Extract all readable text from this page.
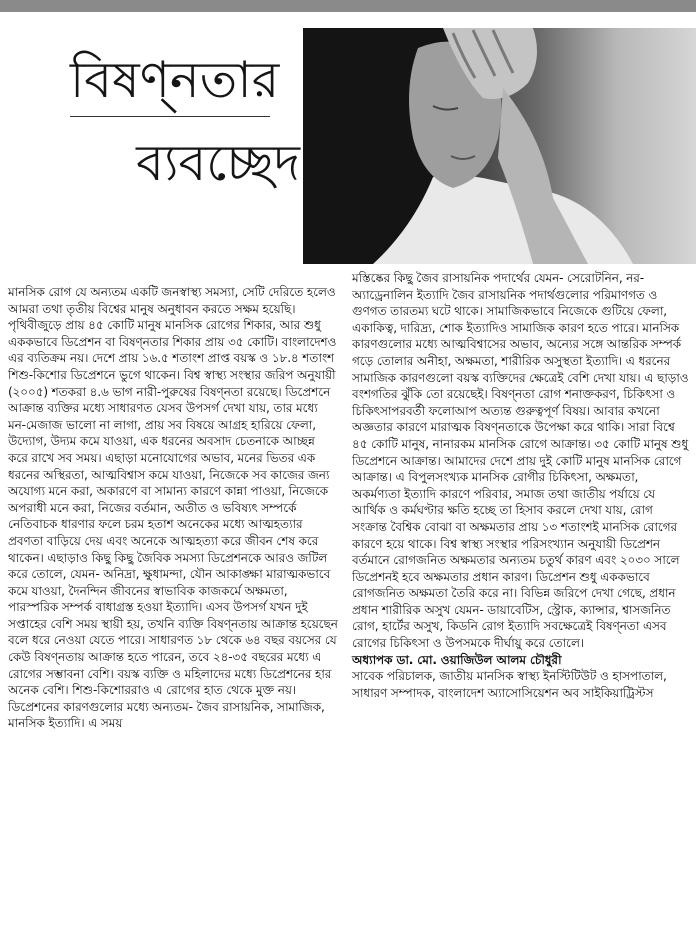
বিষণ্নতার
ব্যবচ্ছেদ

মানসিক রোগ যে অন্যতম একটি জনস্বাস্থ্য সমস্যা, সেটি দেরিতে হলেও আমরা তথা তৃতীয় বিশ্বের মানুষ অনুধাবন করতে সক্ষম হয়েছি। পৃথিবীজুড়ে প্রায় ৪৫ কোটি মানুষ মানসিক রোগের শিকার, আর শুধু এককভাবে ডিপ্রেশন বা বিষণ্নতার শিকার প্রায় ৩৫ কোটি। বাংলাদেশও এর ব্যতিক্রম নয়। দেশে প্রায় ১৬.৫ শতাংশ প্রাপ্ত বয়স্ক ও ১৮.৪ শতাংশ শিশু-কিশোর ডিপ্রেশনে ভুগে থাকেন। বিশ্ব স্বাস্থ্য সংস্থার জরিপ অনুযায়ী (২০০৫) শতকরা ৪.৬ ভাগ নারী-পুরুষের বিষণ্নতা রয়েছে। ডিপ্রেশনে আক্রান্ত ব্যক্তির মধ্যে সাধারণত যেসব উপসর্গ দেখা যায়, তার মধ্যে মন-মেজাজ ভালো না লাগা, প্রায় সব বিষয়ে আগ্রহ হারিয়ে ফেলা, উদ্যোগ, উদ্যম কমে যাওয়া, এক ধরনের অবসাদ চেতনাকে আচ্ছন্ন করে রাখে সব সময়। এছাড়া মনোযোগের অভাব, মনের ভিতর এক ধরনের অস্থিরতা, আত্মবিশ্বাস কমে যাওয়া, নিজেকে সব কাজের জন্য অযোগ্য মনে করা, অকারণে বা সামান্য কারণে কান্না পাওয়া, নিজেকে অপরাধী মনে করা, নিজের বর্তমান, অতীত ও ভবিষ্যৎ সম্পর্কে নেতিবাচক ধারণার ফলে চরম হতাশ অনেকের মধ্যে আত্মহত্যার প্রবণতা বাড়িয়ে দেয় এবং অনেকে আত্মহত্যা করে জীবন শেষ করে থাকেন। এছাড়াও কিছু কিছু জৈবিক সমস্যা ডিপ্রেশনকে আরও জটিল করে তোলে, যেমন- অনিদ্রা, ক্ষুধামন্দা, যৌন আকাঙ্ক্ষা মারাত্মকভাবে কমে যাওয়া, দৈনন্দিন জীবনের স্বাভাবিক কাজকর্মে অক্ষমতা, পারস্পরিক সম্পর্ক বাধাগ্রস্ত হওয়া ইত্যাদি। এসব উপসর্গ যখন দুই সপ্তাহের বেশি সময় স্থায়ী হয়, তখনি ব্যক্তি বিষণ্নতায় আক্রান্ত হয়েছেন বলে ধরে নেওয়া যেতে পারে। সাধারণত ১৮ থেকে ৬৪ বছর বয়সের যে কেউ বিষণ্নতায় আক্রান্ত হতে পারেন, তবে ২৪-৩৫ বছরের মধ্যে এ রোগের সম্ভাবনা বেশি। বয়স্ক ব্যক্তি ও মহিলাদের মধ্যে ডিপ্রেশনের হার অনেক বেশি। শিশু-কিশোররাও এ রোগের হাত থেকে মুক্ত নয়। ডিপ্রেশনের কারণগুলোর মধ্যে অন্যতম- জৈব রাসায়নিক, সামাজিক, মানসিক ইত্যাদি। এ সময়

মস্তিষ্কের কিছু জৈব রাসায়নিক পদার্থের যেমন- সেরোটনিন, নর-অ্যাড্রেনালিন ইত্যাদি জৈব রাসায়নিক পদার্থগুলোর পরিমাণগত ও গুণগত তারতম্য ঘটে থাকে। সামাজিকভাবে নিজেকে গুটিয়ে ফেলা, একাকিত্ব, দারিদ্র্য, শোক ইত্যাদিও সামাজিক কারণ হতে পারে। মানসিক কারণগুলোর মধ্যে আত্মবিশ্বাসের অভাব, অন্যের সঙ্গে আন্তরিক সম্পর্ক গড়ে তোলার অনীহা, অক্ষমতা, শারীরিক অসুস্থতা ইত্যাদি। এ ধরনের সামাজিক কারণগুলো বয়স্ক ব্যক্তিদের ক্ষেত্রেই বেশি দেখা যায়। এ ছাড়াও বংশগতির ঝুঁকি তো রয়েছেই। বিষণ্নতা রোগ শনাক্তকরণ, চিকিৎসা ও চিকিৎসাপরবর্তী ফলোআপ অত্যন্ত গুরুত্বপূর্ণ বিষয়। আবার কখনো অজ্ঞতার কারণে মারাত্মক বিষণ্নতাকে উপেক্ষা করে থাকি। সারা বিশ্বে ৪৫ কোটি মানুষ, নানারকম মানসিক রোগে আক্রান্ত। ৩৫ কোটি মানুষ শুধু ডিপ্রেশনে আক্রান্ত। আমাদের দেশে প্রায় দুই কোটি মানুষ মানসিক রোগে আক্রান্ত। এ বিপুলসংখ্যক মানসিক রোগীর চিকিৎসা, অক্ষমতা, অকর্মণ্যতা ইত্যাদি কারণে পরিবার, সমাজ তথা জাতীয় পর্যায়ে যে আর্থিক ও কর্মঘণ্টার ক্ষতি হচ্ছে তা হিসাব করলে দেখা যায়, রোগ সংক্রান্ত বৈশ্বিক বোঝা বা অক্ষমতার প্রায় ১৩ শতাংশই মানসিক রোগের কারণে হয়ে থাকে। বিশ্ব স্বাস্থ্য সংস্থার পরিসংখ্যান অনুযায়ী ডিপ্রেশন বর্তমানে রোগজনিত অক্ষমতার অন্যতম চতুর্থ কারণ এবং ২০৩০ সালে ডিপ্রেশনই হবে অক্ষমতার প্রধান কারণ। ডিপ্রেশন শুধু এককভাবে রোগজনিত অক্ষমতা তৈরি করে না। বিভিন্ন জরিপে দেখা গেছে, প্রধান প্রধান শারীরিক অসুখ যেমন- ডায়াবেটিস, স্ট্রোক, ক্যান্সার, শ্বাসজনিত রোগ, হার্টের অসুখ, কিডনি রোগ ইত্যাদি সবক্ষেত্রেই বিষণ্নতা এসব রোগের চিকিৎসা ও উপসমকে দীর্ঘায়ু করে তোলে।

অধ্যাপক ডা. মো. ওয়াজিউল আলম চৌধুরী

সাবেক পরিচালক, জাতীয় মানসিক স্বাস্থ্য ইনস্টিটিউট ও হাসপাতাল, সাধারণ সম্পাদক, বাংলাদেশ অ্যাসোসিয়েশন অব সাইকিয়াট্রিস্টস
